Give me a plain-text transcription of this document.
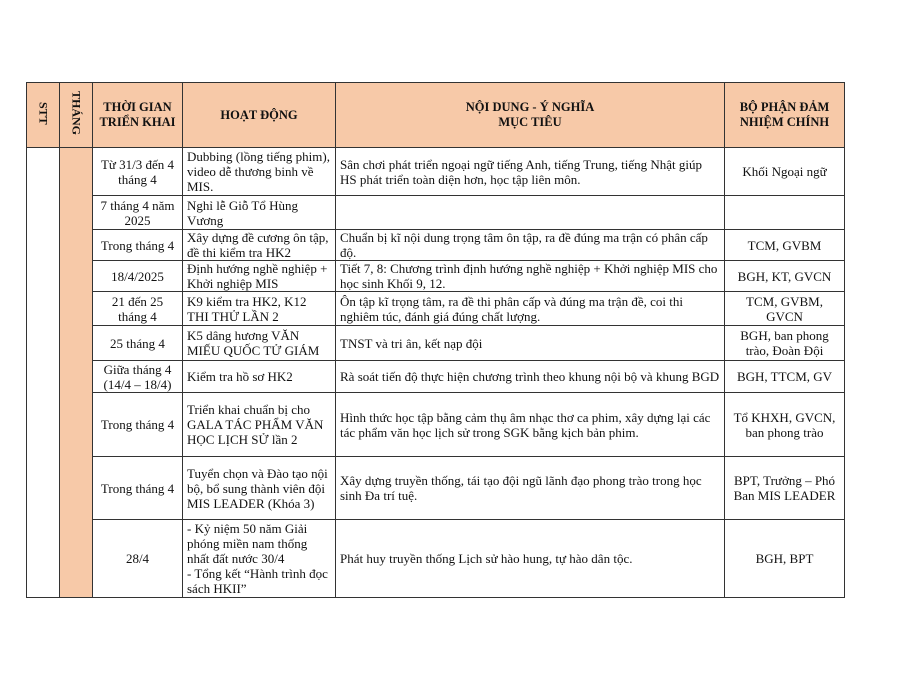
STT	THÁNG	THỜI GIAN TRIỂN KHAI	HOẠT ĐỘNG	NỘI DUNG - Ý NGHĨA
MỤC TIÊU	BỘ PHẬN ĐẢM NHIỆM CHÍNH
		Từ 31/3 đến 4 tháng 4	Dubbing (lồng tiếng phim), video dễ thương binh về MIS.	Sân chơi phát triển ngoại ngữ tiếng Anh, tiếng Trung, tiếng Nhật giúp HS phát triển toàn diện hơn, học tập liên môn.	Khối Ngoại ngữ
		7 tháng 4 năm 2025	Nghỉ lễ Giỗ Tổ Hùng Vương		
		Trong tháng 4	Xây dựng đề cương ôn tập, đề thi kiểm tra HK2	Chuẩn bị kĩ nội dung trọng tâm ôn tập, ra đề đúng ma trận có phân cấp độ.	TCM, GVBM
		18/4/2025	Định hướng nghề nghiệp + Khởi nghiệp MIS	Tiết 7, 8: Chương trình định hướng nghề nghiệp + Khởi nghiệp MIS cho học sinh Khối 9, 12.	BGH, KT, GVCN
		21 đến 25 tháng 4	K9 kiểm tra HK2, K12 THI THỬ LẦN 2	Ôn tập kĩ trọng tâm, ra đề thi phân cấp và đúng ma trận đề, coi thi nghiêm túc, đánh giá đúng chất lượng.	TCM, GVBM, GVCN
		25 tháng 4	K5 dâng hương VĂN MIẾU QUỐC TỬ GIÁM	TNST và tri ân, kết nạp đội	BGH, ban phong trào, Đoàn Đội
		Giữa tháng 4 (14/4 – 18/4)	Kiểm tra hồ sơ HK2	Rà soát tiến độ thực hiện chương trình theo khung nội bộ và khung BGD	BGH, TTCM, GV
		Trong tháng 4	Triển khai chuẩn bị cho GALA TÁC PHẨM VĂN HỌC LỊCH SỬ lần 2	Hình thức học tập bằng cảm thụ âm nhạc thơ ca phim, xây dựng lại các tác phẩm văn học lịch sử trong SGK bằng kịch bản phim.	Tổ KHXH, GVCN, ban phong trào
		Trong tháng 4	Tuyển chọn và Đào tạo nội bộ, bổ sung thành viên đội MIS LEADER (Khóa 3)	Xây dựng truyền thống, tái tạo đội ngũ lãnh đạo phong trào trong học sinh Đa trí tuệ.	BPT, Trưởng – Phó Ban MIS LEADER
		28/4	- Kỷ niệm 50 năm Giải phóng miền nam thống nhất đất nước 30/4
- Tổng kết “Hành trình đọc sách HKII”	Phát huy truyền thống Lịch sử hào hung, tự hào dân tộc.	BGH, BPT
